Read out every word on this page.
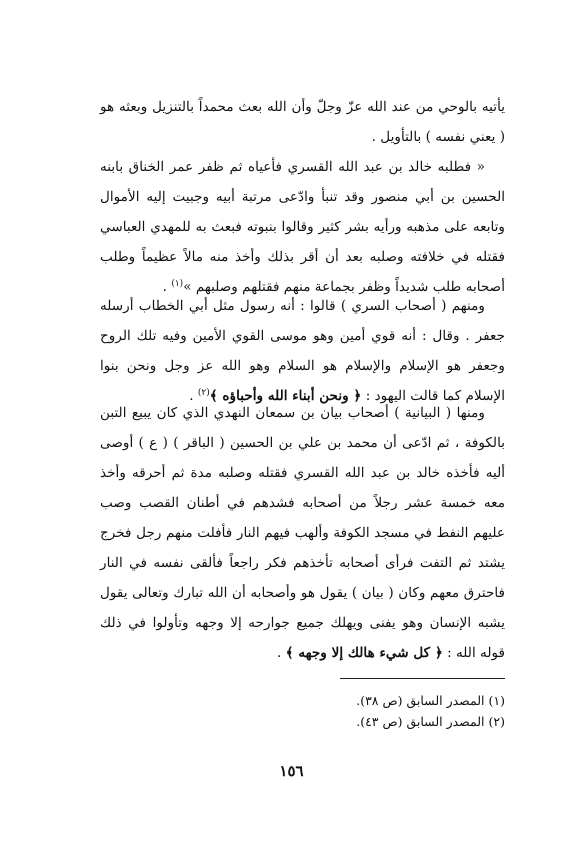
يأتيه بالوحي من عند الله عزّ وجلّ وأن الله بعث محمداً بالتنزيل وبعثه هو ( يعني نفسه ) بالتأويل .

« فطلبه خالد بن عبد الله القسري فأعياه ثم ظفر عمر الخناق بابنه الحسين بن أبي منصور وقد تنبأ وادّعى مرتبة أبيه وجبيت إليه الأموال وتابعه على مذهبه ورأيه بشر كثير وقالوا بنبوته فبعث به للمهدي العباسي فقتله في خلافته وصلبه بعد أن أقر بذلك وأخذ منه مالاً عظيماً وطلب أصحابه طلب شديداً وظفر بجماعة منهم فقتلهم وصلبهم »$^{(١)}$ .

ومنهم ( أصحاب السري ) قالوا : أنه رسول مثل أبي الخطاب أرسله جعفر . وقال : أنه قوي أمين وهو موسى القوي الأمين وفيه تلك الروح وجعفر هو الإسلام والإسلام هو السلام وهو الله عز وجل ونحن بنوا الإسلام كما قالت اليهود : ﴿ ونحن أبناء الله وأحباؤه ﴾$^{(٢)}$ .

ومنها ( البيانية ) أصحاب بيان بن سمعان النهدي الذي كان يبيع التبن بالكوفة ، ثم ادّعى أن محمد بن علي بن الحسين ( الباقر ) ( ع ) أوصى أليه فأخذه خالد بن عبد الله القسري فقتله وصلبه مدة ثم أحرقه وأخذ معه خمسة عشر رجلاً من أصحابه فشدهم في أطنان القصب وصب عليهم النفط في مسجد الكوفة وألهب فيهم النار فأفلت منهم رجل فخرج يشتد ثم التفت فرأى أصحابه تأخذهم فكر راجعاً فألقى نفسه في النار فاحترق معهم وكان ( بيان ) يقول هو وأصحابه أن الله تبارك وتعالى يقول يشبه الإنسان وهو يفنى ويهلك جميع جوارحه إلا وجهه وتأولوا في ذلك قوله الله : ﴿ كل شيء هالك إلا وجهه ﴾ .

(١) المصدر السابق (ص ٣٨).
(٢) المصدر السابق (ص ٤٣).
١٥٦
